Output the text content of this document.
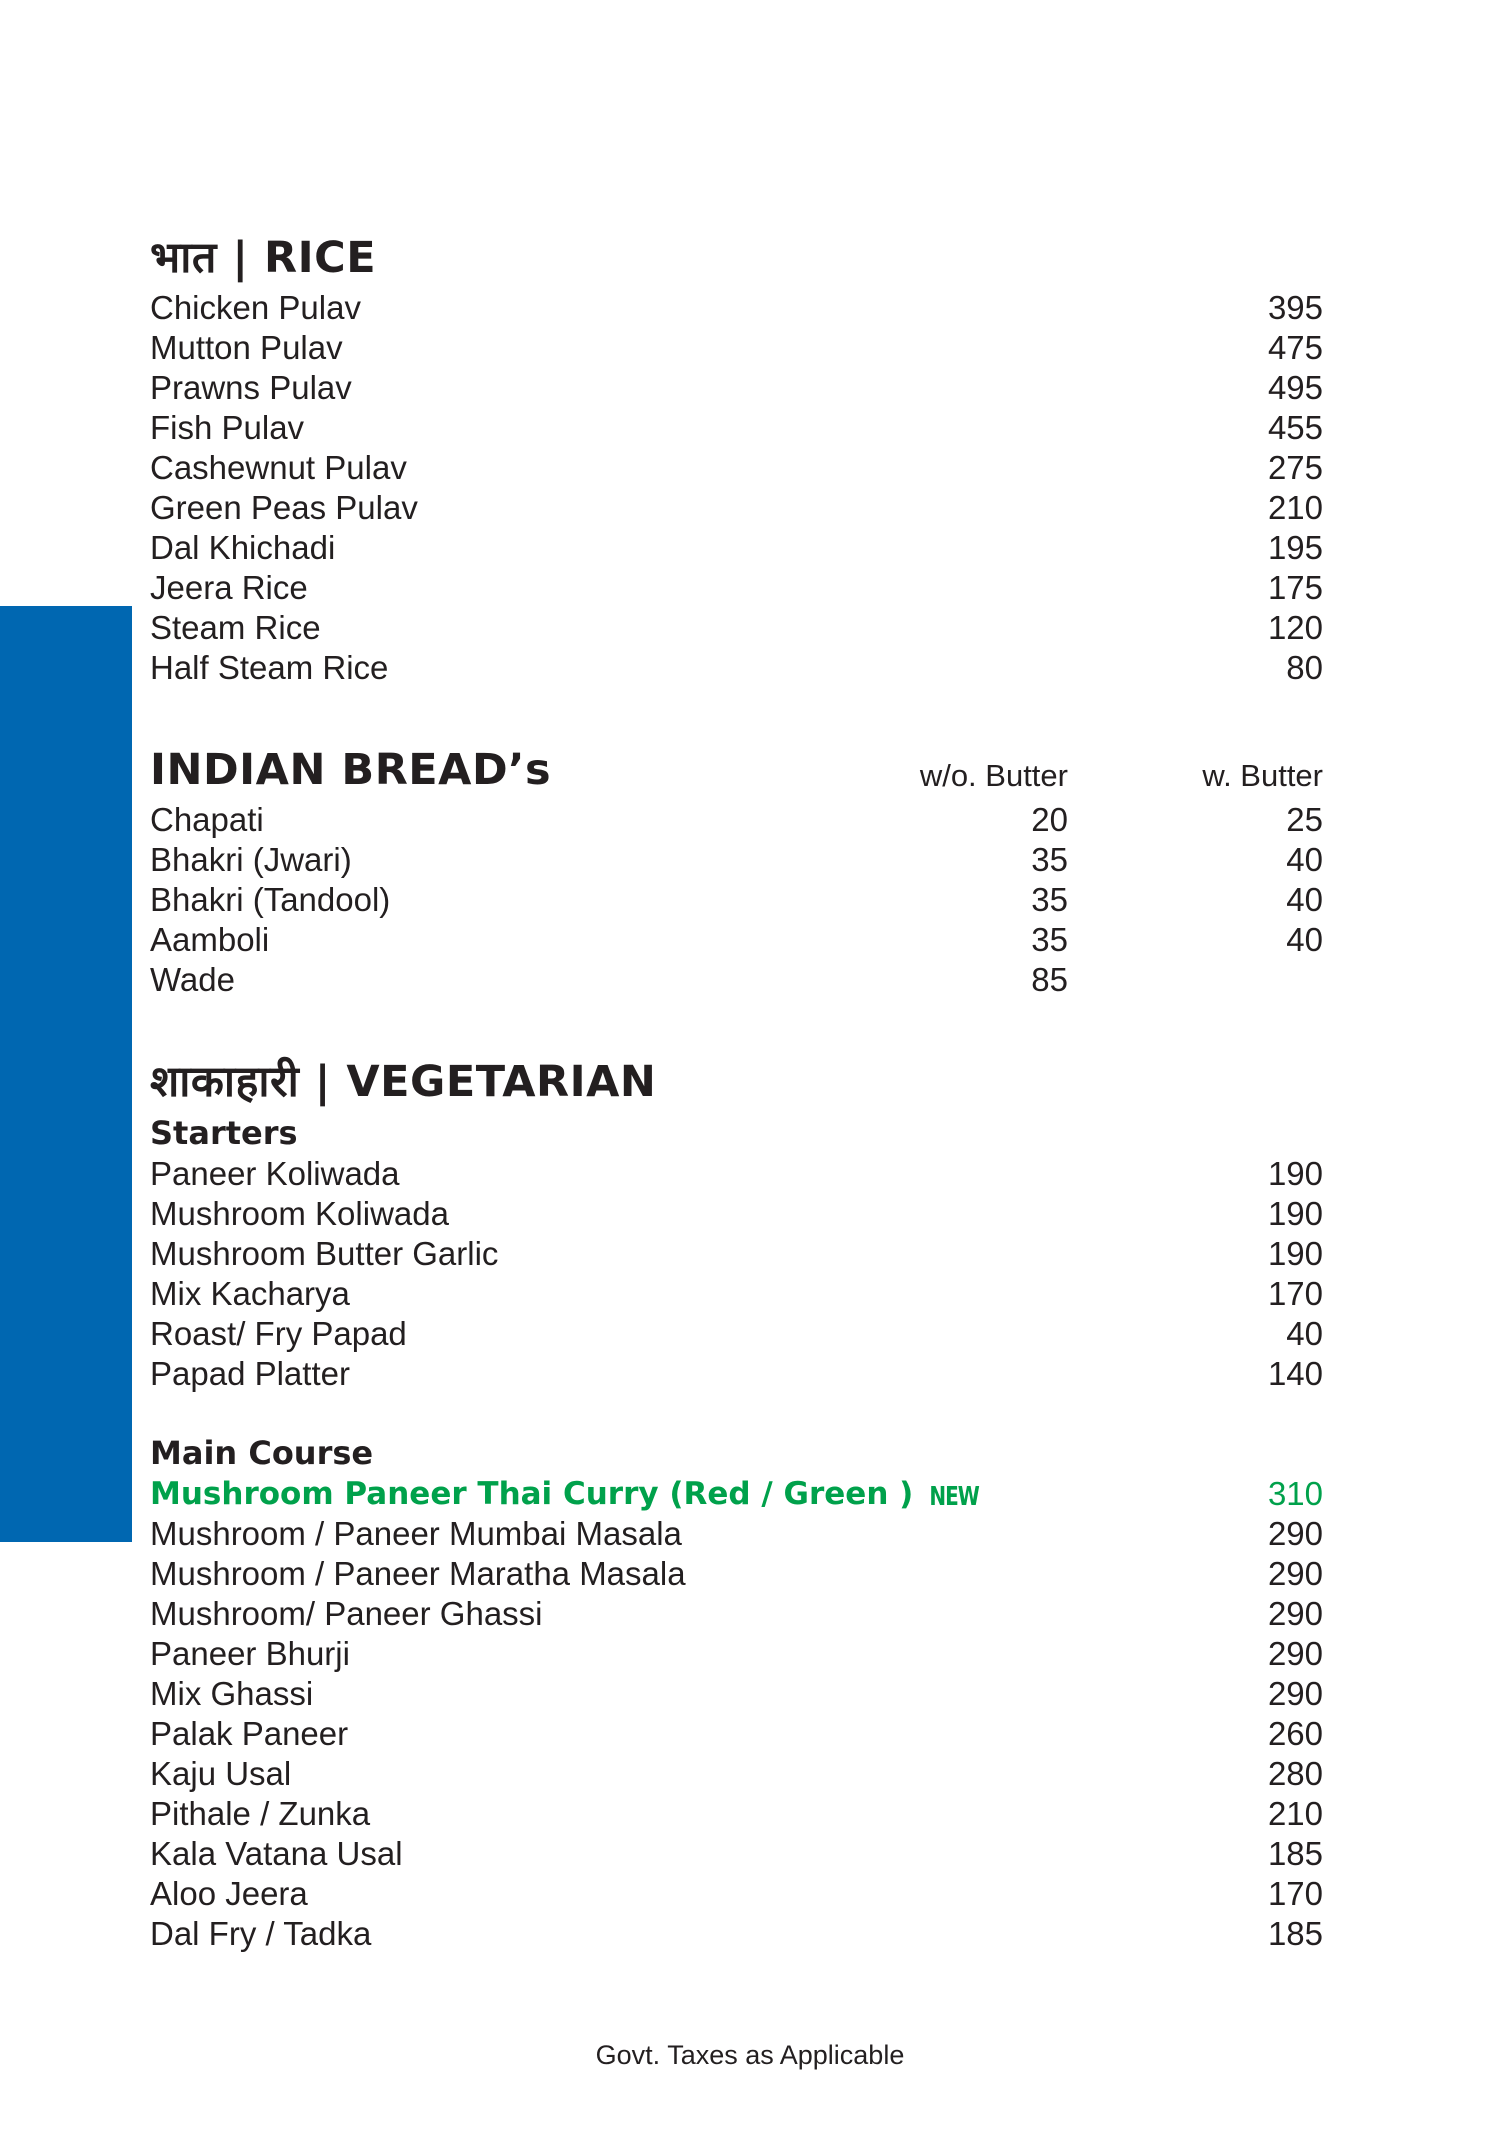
भात | RICE
Chicken Pulav	395
Mutton Pulav	475
Prawns Pulav	495
Fish Pulav	455
Cashewnut Pulav	275
Green Peas Pulav	210
Dal Khichadi	195
Jeera Rice	175
Steam Rice	120
Half Steam Rice	80
INDIAN BREAD’s	w/o. Butter	w. Butter
Chapati	20	25
Bhakri (Jwari)	35	40
Bhakri (Tandool)	35	40
Aamboli	35	40
Wade	85
शाकाहारी | VEGETARIAN
Starters
Paneer Koliwada	190
Mushroom Koliwada	190
Mushroom Butter Garlic	190
Mix Kacharya	170
Roast/ Fry Papad	40
Papad Platter	140
Main Course
Mushroom Paneer Thai Curry (Red / Green ) NEW	310
Mushroom / Paneer Mumbai Masala	290
Mushroom / Paneer Maratha Masala	290
Mushroom/ Paneer Ghassi	290
Paneer Bhurji	290
Mix Ghassi	290
Palak Paneer	260
Kaju Usal	280
Pithale / Zunka	210
Kala Vatana Usal	185
Aloo Jeera	170
Dal Fry / Tadka	185
Govt. Taxes as Applicable
